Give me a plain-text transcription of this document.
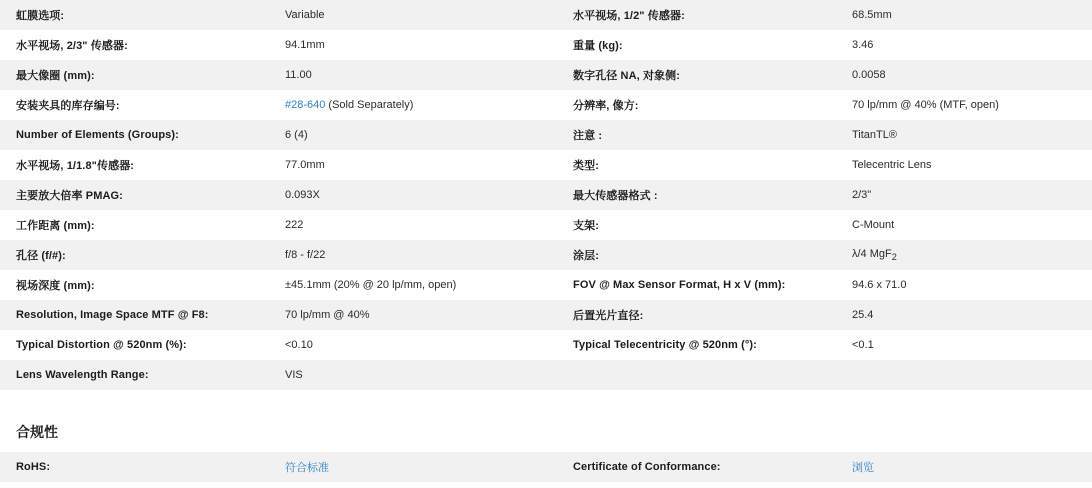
虹膜选项:	Variable	水平视场, 1/2" 传感器:	68.5mm
水平视场, 2/3" 传感器:	94.1mm	重量 (kg):	3.46
最大像圈 (mm):	11.00	数字孔径 NA, 对象侧:	0.0058
安装夹具的库存编号:	#28-640 (Sold Separately)	分辨率, 像方:	70 lp/mm @ 40% (MTF, open)
Number of Elements (Groups):	6 (4)	注意 :	TitanTL®
水平视场, 1/1.8"传感器:	77.0mm	类型:	Telecentric Lens
主要放大倍率 PMAG:	0.093X	最大传感器格式 :	2/3"
工作距离 (mm):	222	支架:	C-Mount
孔径 (f/#):	f/8 - f/22	涂层:	λ/4 MgF$_2$
视场深度 (mm):	±45.1mm (20% @ 20 lp/mm, open)	FOV @ Max Sensor Format, H x V (mm):	94.6 x 71.0
Resolution, Image Space MTF @ F8:	70 lp/mm @ 40%	后置光片直径:	25.4
Typical Distortion @ 520nm (%):	<0.10	Typical Telecentricity @ 520nm (°):	<0.1
Lens Wavelength Range:	VIS		
合规性
RoHS:	符合标准	Certificate of Conformance:	浏览
